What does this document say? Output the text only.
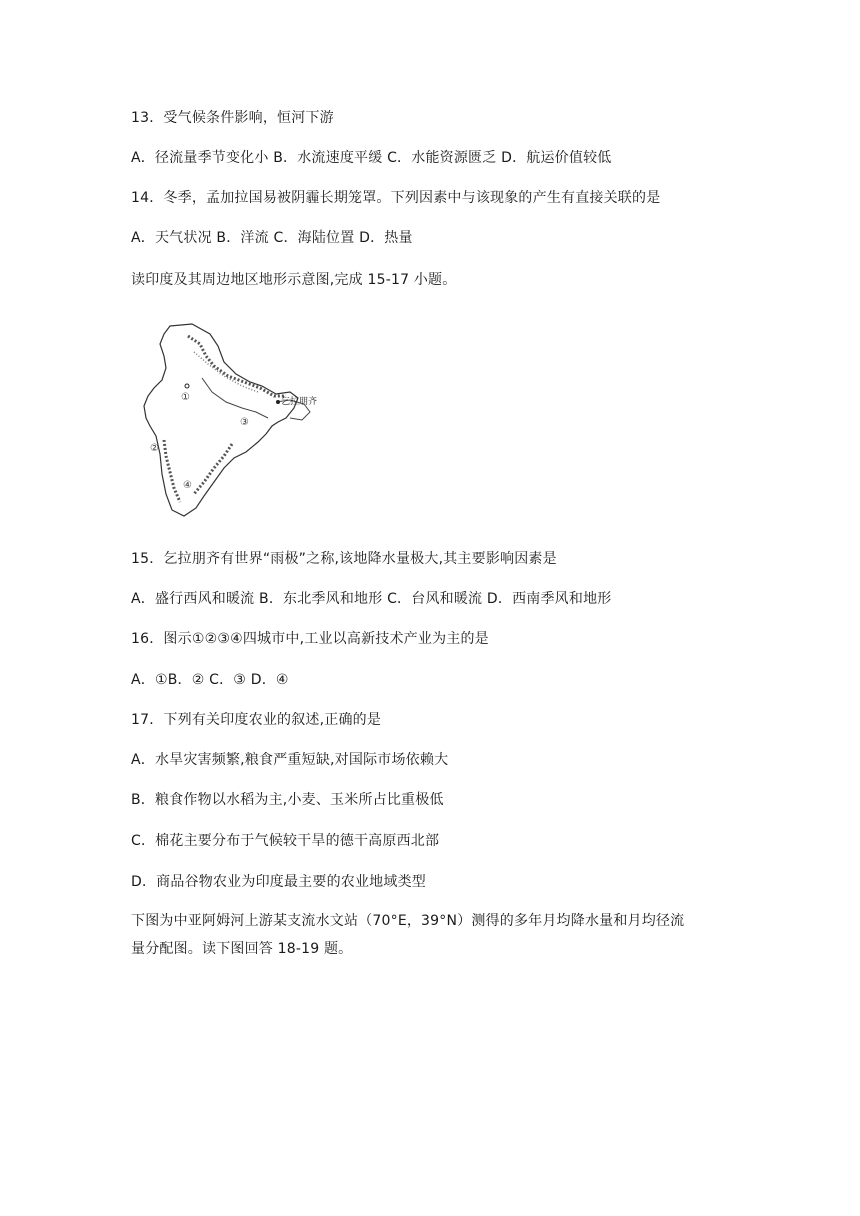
13．受气候条件影响，恒河下游
A．径流量季节变化小 B．水流速度平缓 C．水能资源匮乏 D．航运价值较低
14．冬季，孟加拉国易被阴霾长期笼罩。下列因素中与该现象的产生有直接关联的是
A．天气状况 B．洋流 C．海陆位置 D．热量
读印度及其周边地区地形示意图,完成 15-17 小题。
乞拉朋齐
①
②
③
④
15．乞拉朋齐有世界“雨极”之称,该地降水量极大,其主要影响因素是
A．盛行西风和暖流 B．东北季风和地形 C．台风和暖流 D．西南季风和地形
16．图示①②③④四城市中,工业以高新技术产业为主的是
A．①B．② C．③ D．④
17．下列有关印度农业的叙述,正确的是
A．水旱灾害频繁,粮食严重短缺,对国际市场依赖大
B．粮食作物以水稻为主,小麦、玉米所占比重极低
C．棉花主要分布于气候较干旱的德干高原西北部
D．商品谷物农业为印度最主要的农业地域类型
下图为中亚阿姆河上游某支流水文站（70°E，39°N）测得的多年月均降水量和月均径流
量分配图。读下图回答 18-19 题。
